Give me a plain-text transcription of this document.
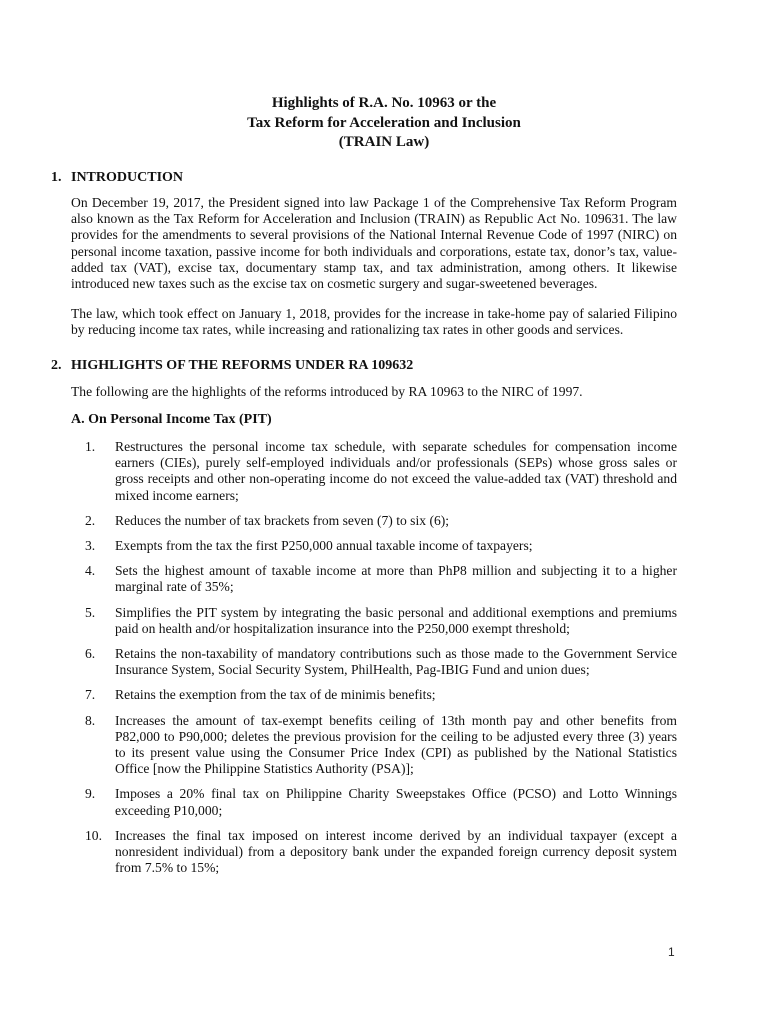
Highlights of R.A. No. 10963 or the
Tax Reform for Acceleration and Inclusion
(TRAIN Law)
1. INTRODUCTION
On December 19, 2017, the President signed into law Package 1 of the Comprehensive Tax Reform Program also known as the Tax Reform for Acceleration and Inclusion (TRAIN) as Republic Act No. 109631. The law provides for the amendments to several provisions of the National Internal Revenue Code of 1997 (NIRC) on personal income taxation, passive income for both individuals and corporations, estate tax, donor’s tax, value-added tax (VAT), excise tax, documentary stamp tax, and tax administration, among others. It likewise introduced new taxes such as the excise tax on cosmetic surgery and sugar-sweetened beverages.
The law, which took effect on January 1, 2018, provides for the increase in take-home pay of salaried Filipino by reducing income tax rates, while increasing and rationalizing tax rates in other goods and services.
2. HIGHLIGHTS OF THE REFORMS UNDER RA 109632
The following are the highlights of the reforms introduced by RA 10963 to the NIRC of 1997.
A. On Personal Income Tax (PIT)
1.	Restructures the personal income tax schedule, with separate schedules for compensation income earners (CIEs), purely self-employed individuals and/or professionals (SEPs) whose gross sales or gross receipts and other non-operating income do not exceed the value-added tax (VAT) threshold and mixed income earners;
2.	Reduces the number of tax brackets from seven (7) to six (6);
3.	Exempts from the tax the first P250,000 annual taxable income of taxpayers;
4.	Sets the highest amount of taxable income at more than PhP8 million and subjecting it to a higher marginal rate of 35%;
5.	Simplifies the PIT system by integrating the basic personal and additional exemptions and premiums paid on health and/or hospitalization insurance into the P250,000 exempt threshold;
6.	Retains the non-taxability of mandatory contributions such as those made to the Government Service Insurance System, Social Security System, PhilHealth, Pag-IBIG Fund and union dues;
7.	Retains the exemption from the tax of de minimis benefits;
8.	Increases the amount of tax-exempt benefits ceiling of 13th month pay and other benefits from P82,000 to P90,000; deletes the previous provision for the ceiling to be adjusted every three (3) years to its present value using the Consumer Price Index (CPI) as published by the National Statistics Office [now the Philippine Statistics Authority (PSA)];
9.	Imposes a 20% final tax on Philippine Charity Sweepstakes Office (PCSO) and Lotto Winnings exceeding P10,000;
10. Increases the final tax imposed on interest income derived by an individual taxpayer (except a nonresident individual) from a depository bank under the expanded foreign currency deposit system from 7.5% to 15%;
1
